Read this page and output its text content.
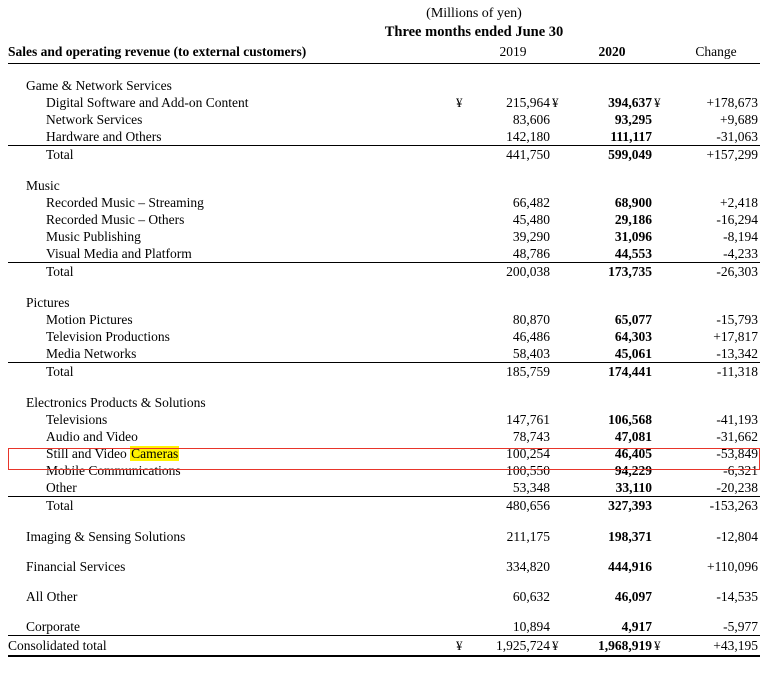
(Millions of yen)
Three months ended June 30
Sales and operating revenue (to external customers)		2019		2020		Change

Game & Network Services						
Digital Software and Add-on Content	¥	215,964	¥	394,637	¥	+178,673
Network Services		83,606		93,295		+9,689
Hardware and Others		142,180		111,117		-31,063
Total		441,750		599,049		+157,299

Music						
Recorded Music – Streaming		66,482		68,900		+2,418
Recorded Music – Others		45,480		29,186		-16,294
Music Publishing		39,290		31,096		-8,194
Visual Media and Platform		48,786		44,553		-4,233
Total		200,038		173,735		-26,303

Pictures						
Motion Pictures		80,870		65,077		-15,793
Television Productions		46,486		64,303		+17,817
Media Networks		58,403		45,061		-13,342
Total		185,759		174,441		-11,318

Electronics Products & Solutions						
Televisions		147,761		106,568		-41,193
Audio and Video		78,743		47,081		-31,662
Still and Video Cameras		100,254		46,405		-53,849
Mobile Communications		100,550		94,229		-6,321
Other		53,348		33,110		-20,238
Total		480,656		327,393		-153,263

Imaging & Sensing Solutions		211,175		198,371		-12,804

Financial Services		334,820		444,916		+110,096

All Other		60,632		46,097		-14,535

Corporate		10,894		4,917		-5,977
Consolidated total	¥	1,925,724	¥	1,968,919	¥	+43,195
